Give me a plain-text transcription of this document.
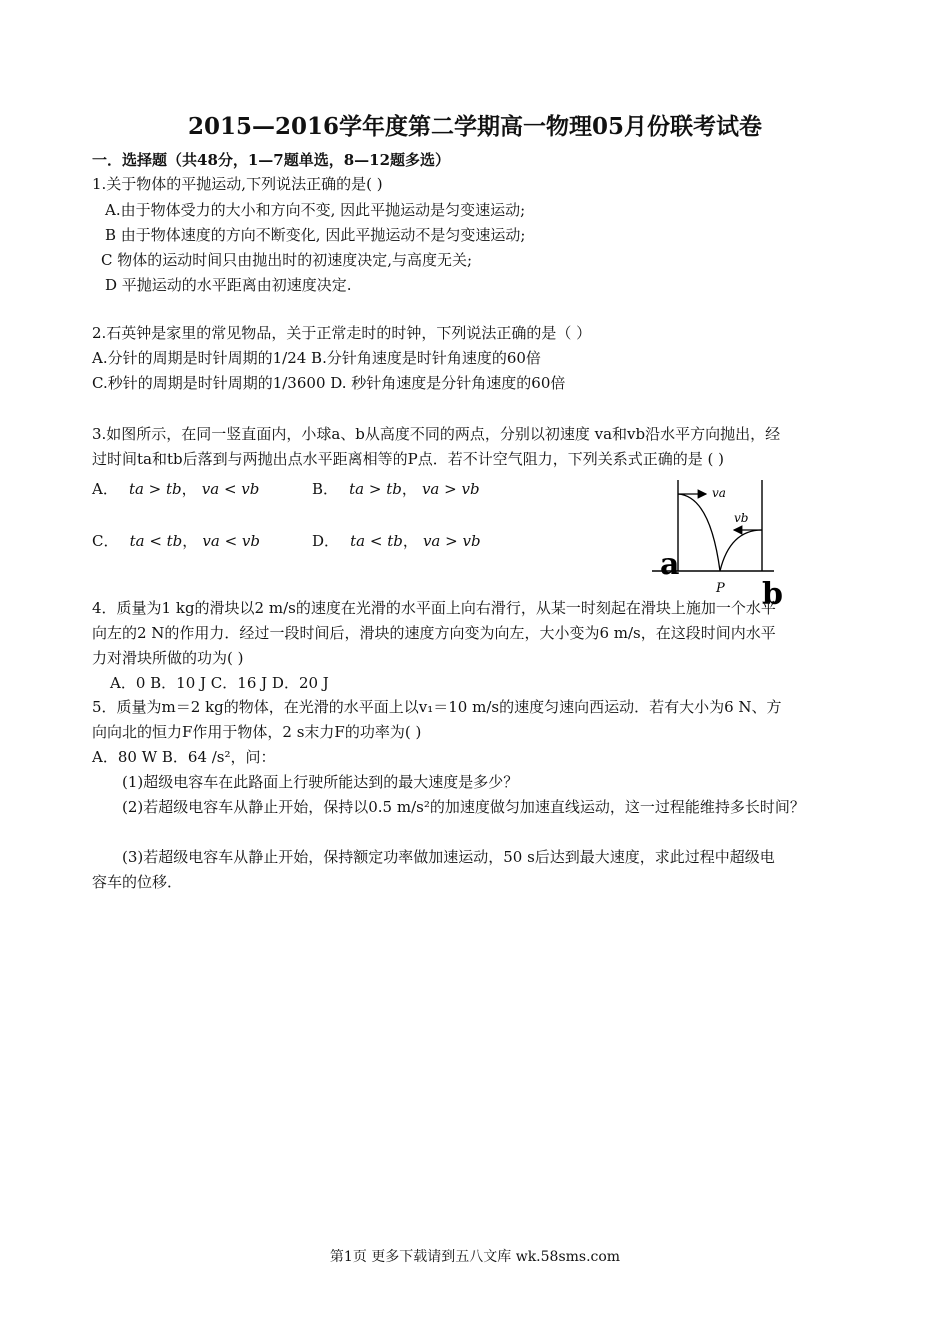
2015—2016学年度第二学期高一物理05月份联考试卷
一．选择题（共48分，1—7题单选，8—12题多选）
1.关于物体的平抛运动,下列说法正确的是( )
A.由于物体受力的大小和方向不变, 因此平抛运动是匀变速运动;
B 由于物体速度的方向不断变化, 因此平抛运动不是匀变速运动;
C 物体的运动时间只由抛出时的初速度决定,与高度无关;
D 平抛运动的水平距离由初速度决定.
2.石英钟是家里的常见物品，关于正常走时的时钟，下列说法正确的是（ ）
A.分针的周期是时针周期的1/24 B.分针角速度是时针角速度的60倍
C.秒针的周期是时针周期的1/3600 D. 秒针角速度是分针角速度的60倍
3.如图所示，在同一竖直面内，小球a、b从高度不同的两点，分别以初速度 va和vb沿水平方向抛出，经
过时间ta和tb后落到与两抛出点水平距离相等的P点．若不计空气阻力，下列关系式正确的是 ( )
A． ta > tb， va < vb	B． ta > tb， va > vb
C． ta < tb， va < vb	D． ta < tb， va > vb
va
vb
a
P b
4．质量为1 kg的滑块以2 m/s的速度在光滑的水平面上向右滑行，从某一时刻起在滑块上施加一个水平
向左的2 N的作用力．经过一段时间后，滑块的速度方向变为向左，大小变为6 m/s，在这段时间内水平
力对滑块所做的功为( )
A．0 B．10 J C．16 J D．20 J
5．质量为m＝2 kg的物体，在光滑的水平面上以v₁＝10 m/s的速度匀速向西运动．若有大小为6 N、方
向向北的恒力F作用于物体，2 s末力F的功率为( )
A．80 W B．64 /s²，问：
(1)超级电容车在此路面上行驶所能达到的最大速度是多少？
(2)若超级电容车从静止开始，保持以0.5 m/s²的加速度做匀加速直线运动，这一过程能维持多长时间？
(3)若超级电容车从静止开始，保持额定功率做加速运动，50 s后达到最大速度，求此过程中超级电
容车的位移．
第1页 更多下载请到五八文库 wk.58sms.com
